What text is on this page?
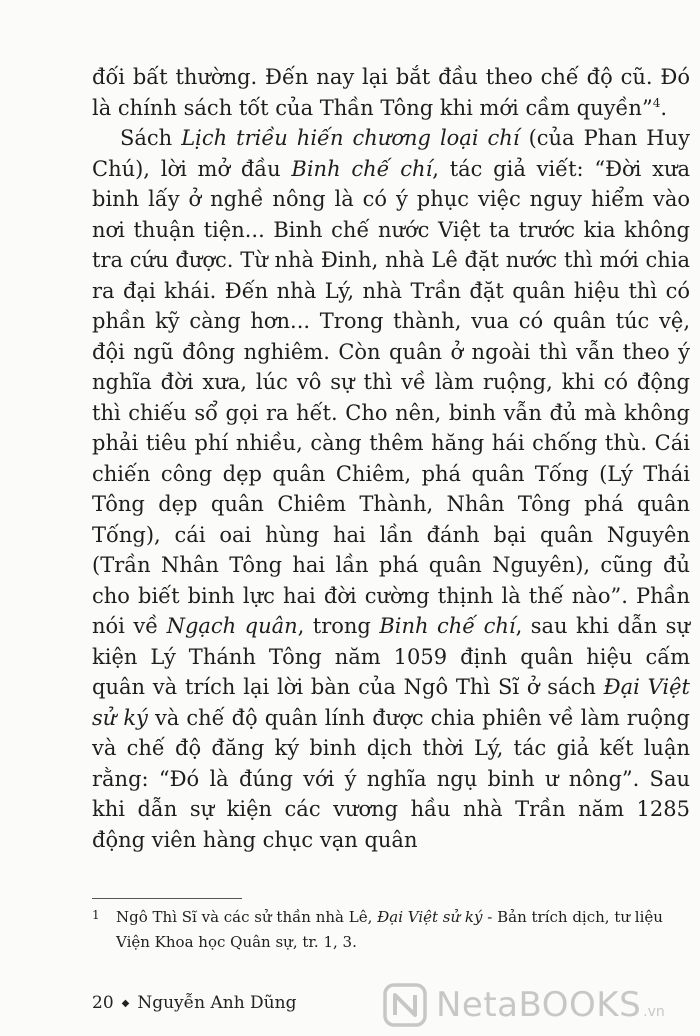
đối bất thường. Đến nay lại bắt đầu theo chế độ cũ. Đó là chính sách tốt của Thần Tông khi mới cầm quyền”$^4$.

Sách Lịch triều hiến chương loại chí (của Phan Huy Chú), lời mở đầu Binh chế chí, tác giả viết: “Đời xưa binh lấy ở nghề nông là có ý phục việc nguy hiểm vào nơi thuận tiện... Binh chế nước Việt ta trước kia không tra cứu được. Từ nhà Đinh, nhà Lê đặt nước thì mới chia ra đại khái. Đến nhà Lý, nhà Trần đặt quân hiệu thì có phần kỹ càng hơn... Trong thành, vua có quân túc vệ, đội ngũ đông nghiêm. Còn quân ở ngoài thì vẫn theo ý nghĩa đời xưa, lúc vô sự thì về làm ruộng, khi có động thì chiếu sổ gọi ra hết. Cho nên, binh vẫn đủ mà không phải tiêu phí nhiều, càng thêm hăng hái chống thù. Cái chiến công dẹp quân Chiêm, phá quân Tống (Lý Thái Tông dẹp quân Chiêm Thành, Nhân Tông phá quân Tống), cái oai hùng hai lần đánh bại quân Nguyên (Trần Nhân Tông hai lần phá quân Nguyên), cũng đủ cho biết binh lực hai đời cường thịnh là thế nào”. Phần nói về Ngạch quân, trong Binh chế chí, sau khi dẫn sự kiện Lý Thánh Tông năm 1059 định quân hiệu cấm quân và trích lại lời bàn của Ngô Thì Sĩ ở sách Đại Việt sử ký và chế độ quân lính được chia phiên về làm ruộng và chế độ đăng ký binh dịch thời Lý, tác giả kết luận rằng: “Đó là đúng với ý nghĩa ngụ binh ư nông”. Sau khi dẫn sự kiện các vương hầu nhà Trần năm 1285 động viên hàng chục vạn quân

1	Ngô Thì Sĩ và các sử thần nhà Lê, Đại Việt sử ký - Bản trích dịch, tư liệu Viện Khoa học Quân sự, tr. 1, 3.
20 ◆ Nguyễn Anh Dũng	NetaBOOKS .vn
